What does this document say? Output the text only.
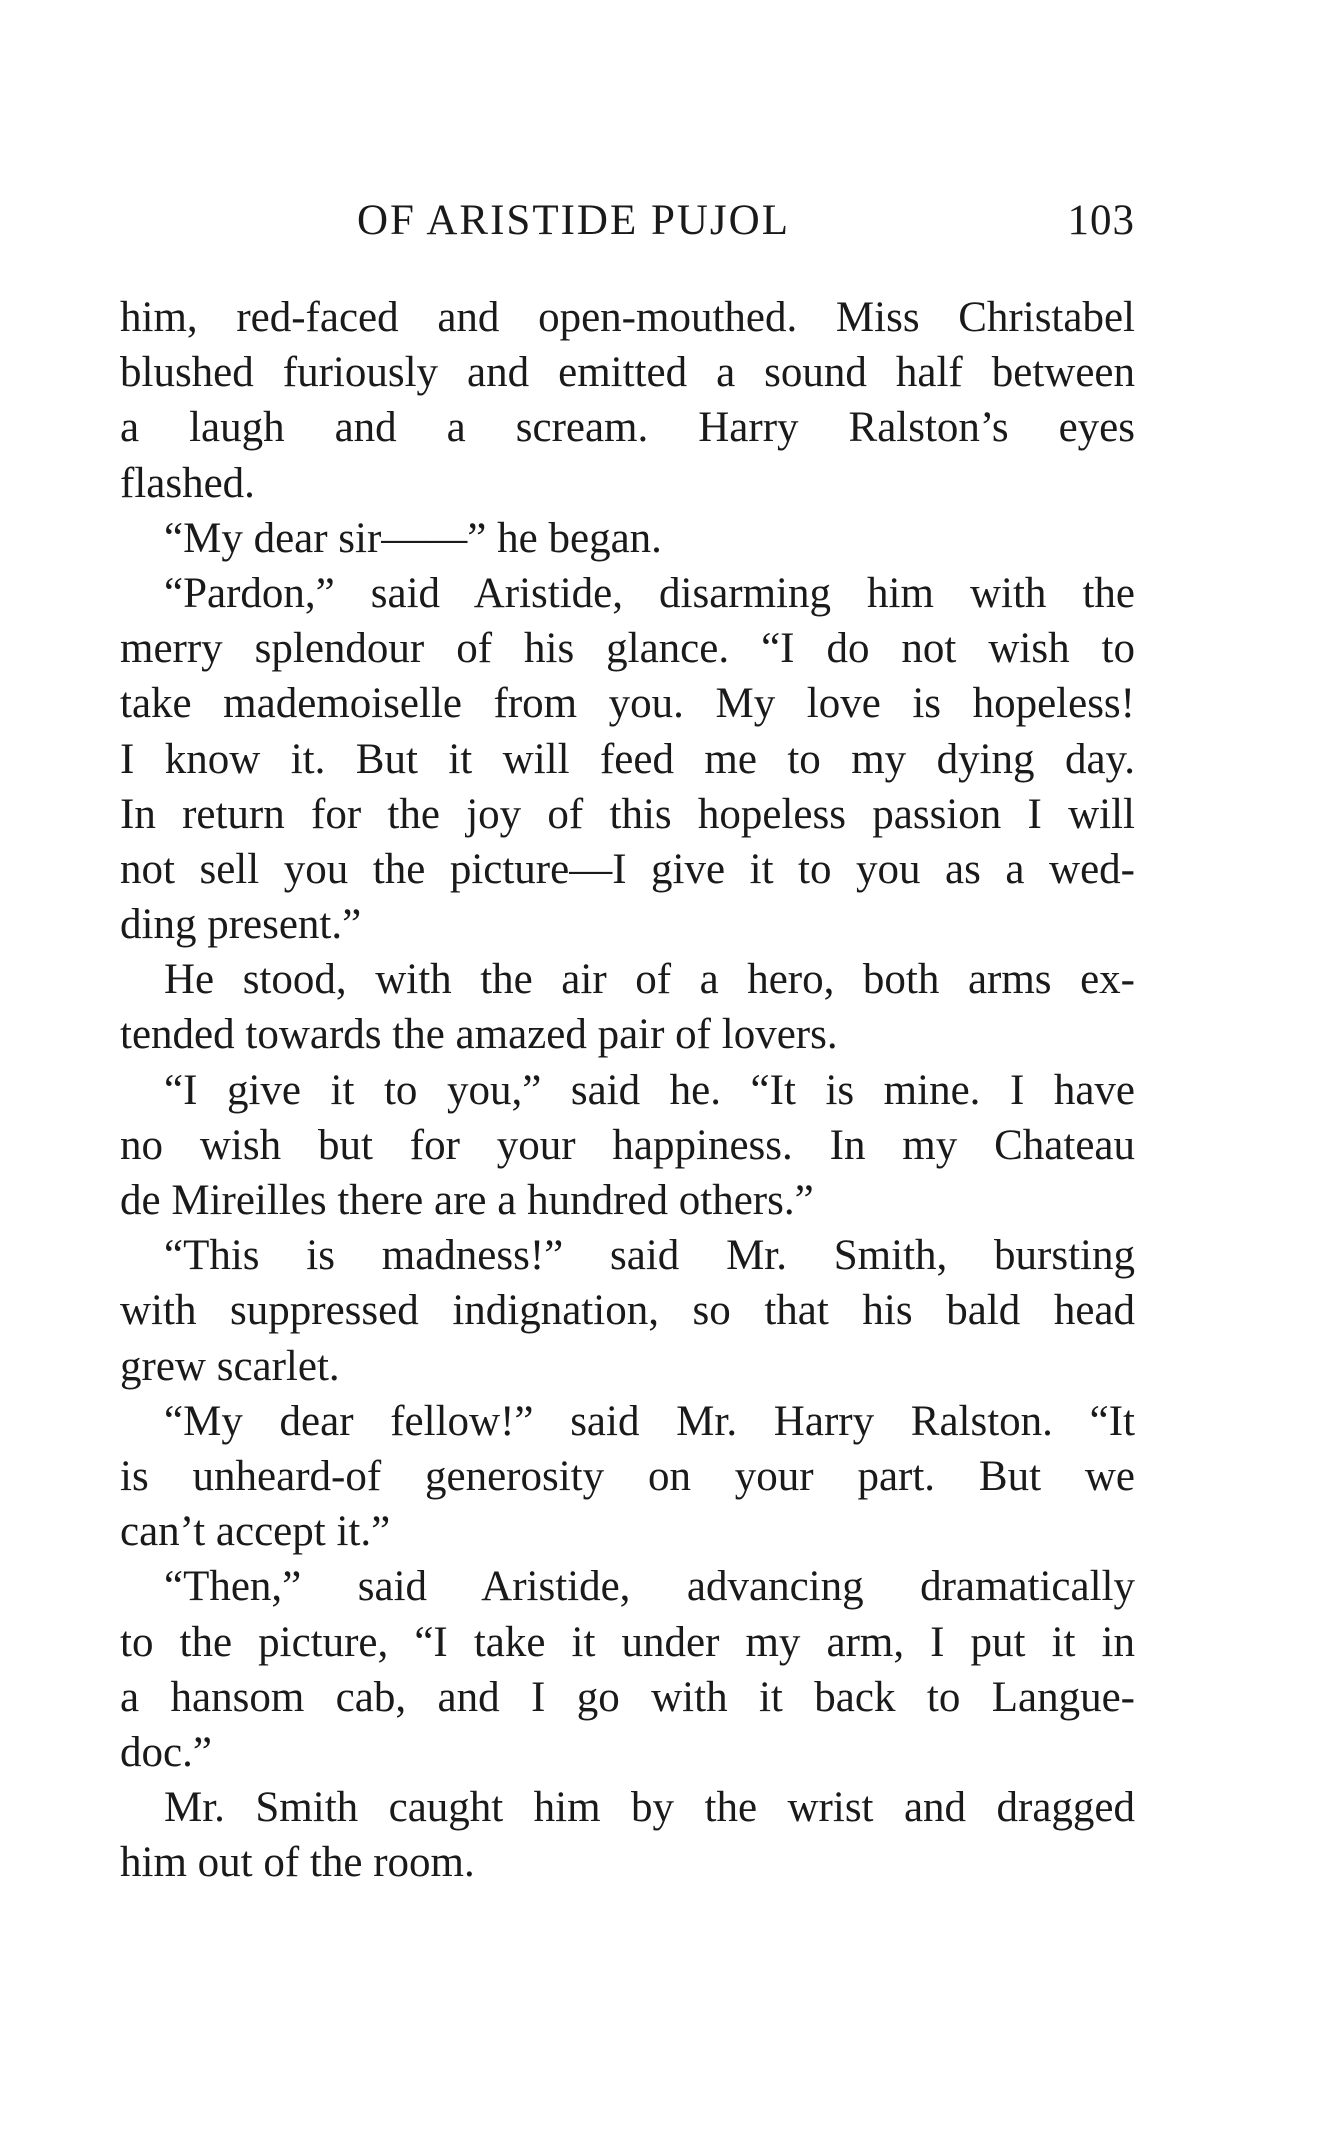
OF ARISTIDE PUJOL	103
him, red-faced and open-mouthed. Miss Christabel
blushed furiously and emitted a sound half between
a laugh and a scream. Harry Ralston’s eyes
flashed.
“My dear sir——” he began.
“Pardon,” said Aristide, disarming him with the
merry splendour of his glance. “I do not wish to
take mademoiselle from you. My love is hopeless!
I know it. But it will feed me to my dying day.
In return for the joy of this hopeless passion I will
not sell you the picture—I give it to you as a wed-
ding present.”
He stood, with the air of a hero, both arms ex-
tended towards the amazed pair of lovers.
“I give it to you,” said he. “It is mine. I have
no wish but for your happiness. In my Chateau
de Mireilles there are a hundred others.”
“This is madness!” said Mr. Smith, bursting
with suppressed indignation, so that his bald head
grew scarlet.
“My dear fellow!” said Mr. Harry Ralston. “It
is unheard-of generosity on your part. But we
can’t accept it.”
“Then,” said Aristide, advancing dramatically
to the picture, “I take it under my arm, I put it in
a hansom cab, and I go with it back to Langue-
doc.”
Mr. Smith caught him by the wrist and dragged
him out of the room.
